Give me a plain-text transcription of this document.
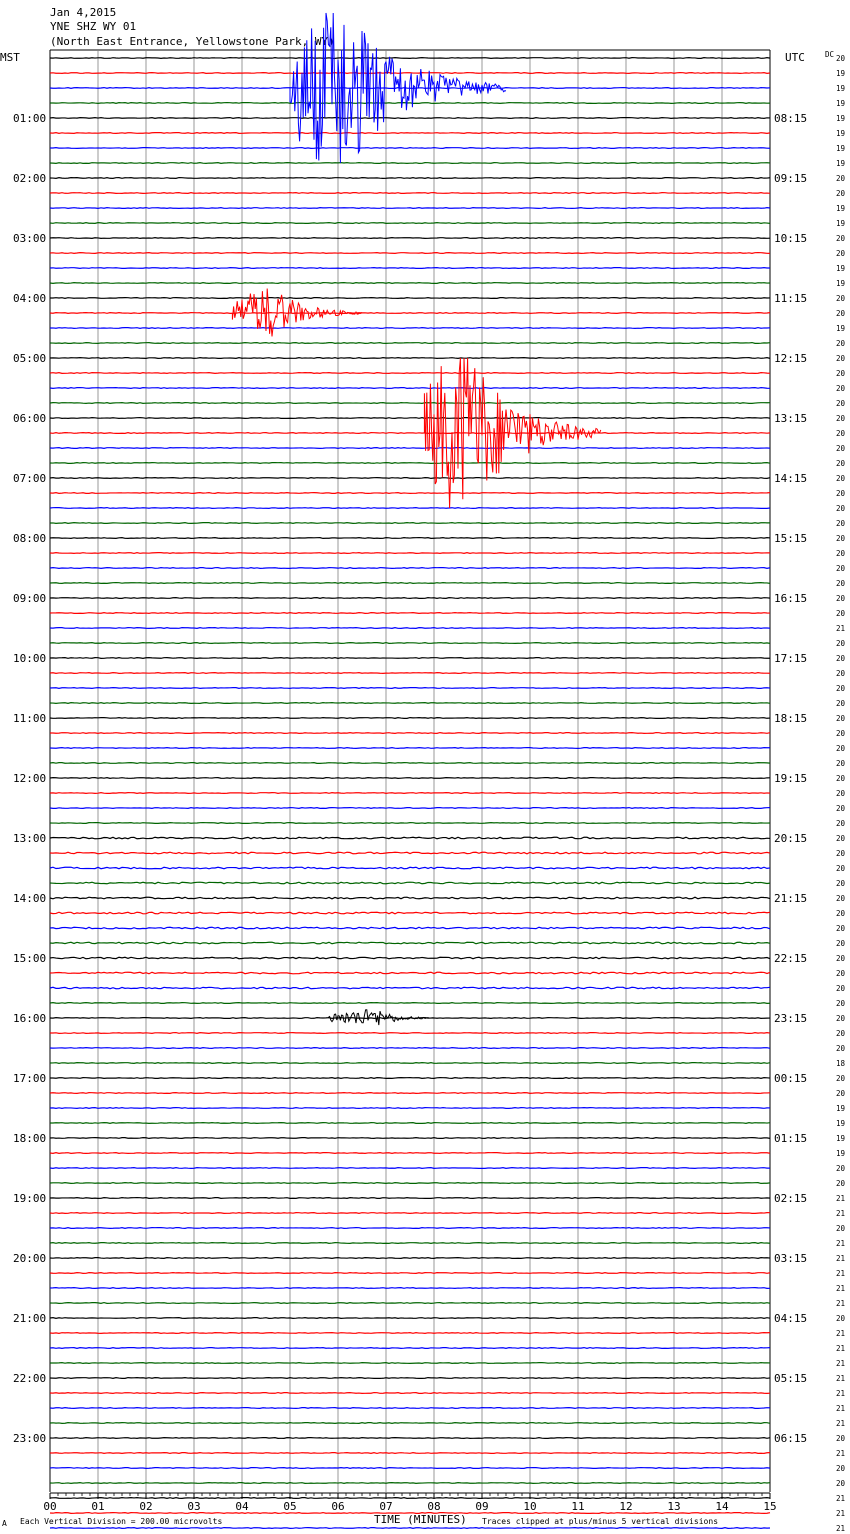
Jan 4,2015
YNE SHZ WY 01
(North East Entrance, Yellowstone Park, WY)
MST	UTC	DC
01:00
02:00
03:00
04:00
05:00
06:00
07:00
08:00
09:00
10:00
11:00
12:00
13:00
14:00
15:00
16:00
17:00
18:00
19:00
20:00
21:00
22:00
23:00
08:15
09:15
10:15
11:15
12:15
13:15
14:15
15:15
16:15
17:15
18:15
19:15
20:15
21:15
22:15
23:15
00:15
01:15
02:15
03:15
04:15
05:15
06:15
20
19
19
19
19
19
19
19
20
20
19
19
20
20
19
19
20
20
19
20
20
20
20
20
20
20
20
20
20
20
20
20
20
20
20
20
20
20
21
20
20
20
20
20
20
20
20
20
20
20
20
20
20
20
20
20
20
20
20
20
20
20
20
20
20
20
20
18
20
20
19
19
19
19
20
20
21
21
20
21
21
21
21
21
20
21
21
21
21
21
21
21
20
21
20
20
21
21
21
00	01	02	03	04	05	06	07	08	09	10	11	12	13	14	15
A Each Vertical Division = 200.00 microvolts	TIME (MINUTES) Traces clipped at plus/minus 5 vertical divisions
